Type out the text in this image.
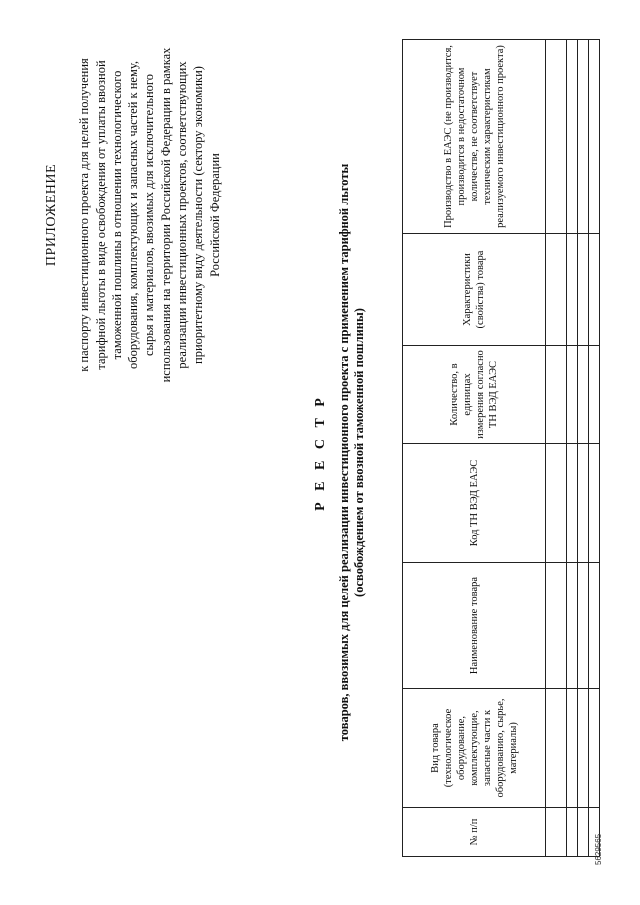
ПРИЛОЖЕНИЕ к паспорту инвестиционного проекта для целей получения тарифной льготы в виде освобождения от уплаты ввозной таможенной пошлины в отношении технологического оборудования, комплектующих и запасных частей к нему, сырья и материалов, ввозимых для исключительного использования на территории Российской Федерации в рамках реализации инвестиционных проектов, соответствующих приоритетному виду деятельности (сектору экономики) Российской Федерации
Р Е Е С Т Р товаров, ввозимых для целей реализации инвестиционного проекта с применением тарифной льготы (освобождением от ввозной таможенной пошлины)
№ п/п	Вид товара (технологическое оборудование, комплектующие, запасные части к оборудованию, сырье, материалы)	Наименование товара	Код ТН ВЭД ЕАЭС	Количество, в единицах измерения согласно ТН ВЭД ЕАЭС	Характеристики (свойства) товара	Производство в ЕАЭС (не производится, производится в недостаточном количестве, не соответствует техническим характеристикам реализуемого инвестиционного проекта)

5629565
